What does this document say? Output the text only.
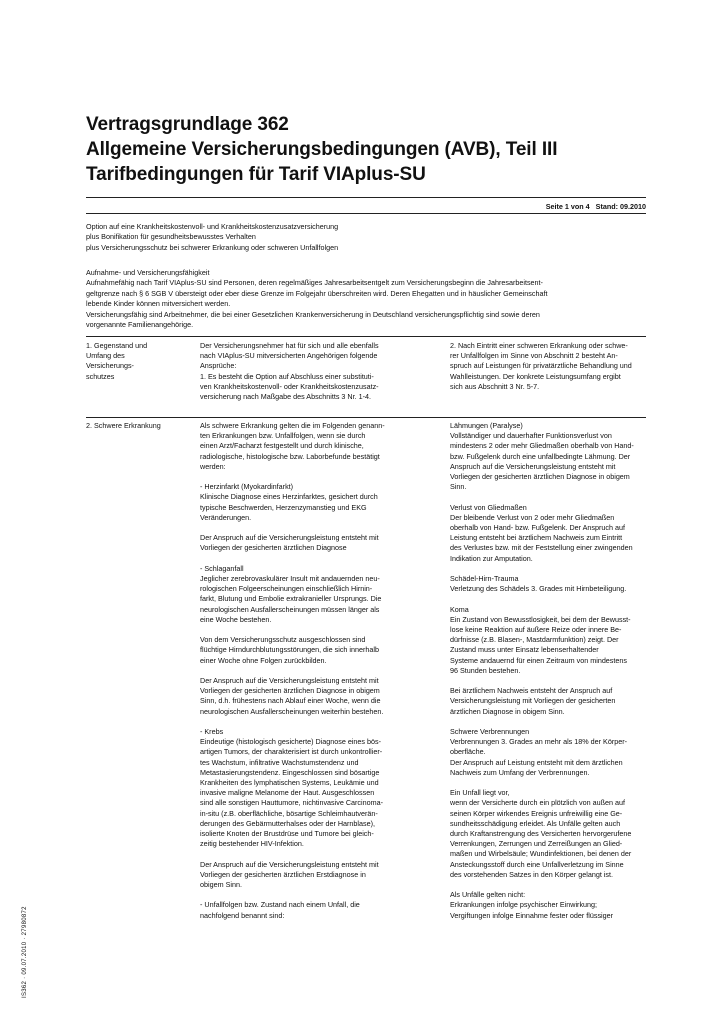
Vertragsgrundlage 362
Allgemeine Versicherungsbedingungen (AVB), Teil III
Tarifbedingungen für Tarif VIAplus-SU
Seite 1 von 4 Stand: 09.2010
Option auf eine Krankheitskostenvoll- und Krankheitskostenzusatzversicherung
plus Bonifikation für gesundheitsbewusstes Verhalten
plus Versicherungsschutz bei schwerer Erkrankung oder schweren Unfallfolgen
Aufnahme- und Versicherungsfähigkeit
Aufnahmefähig nach Tarif VIAplus-SU sind Personen, deren regelmäßiges Jahresarbeitsentgelt zum Versicherungsbeginn die Jahresarbeitsent-
geltgrenze nach § 6 SGB V übersteigt oder eber diese Grenze im Folgejahr überschreiten wird. Deren Ehegatten und in häuslicher Gemeinschaft
lebende Kinder können mitversichert werden.
Versicherungsfähig sind Arbeitnehmer, die bei einer Gesetzlichen Krankenversicherung in Deutschland versicherungspflichtig sind sowie deren
vorgenannte Familienangehörige.
1. Gegenstand und
Umfang des
Versicherungs-
schutzes
Der Versicherungsnehmer hat für sich und alle ebenfalls
nach VIAplus-SU mitversicherten Angehörigen folgende
Ansprüche:
1. Es besteht die Option auf Abschluss einer substituti-
ven Krankheitskostenvoll- oder Krankheitskostenzusatz-
versicherung nach Maßgabe des Abschnitts 3 Nr. 1-4.
2. Nach Eintritt einer schweren Erkrankung oder schwe-
rer Unfallfolgen im Sinne von Abschnitt 2 besteht An-
spruch auf Leistungen für privatärztliche Behandlung und
Wahlleistungen. Der konkrete Leistungsumfang ergibt
sich aus Abschnitt 3 Nr. 5-7.
2. Schwere Erkrankung	Als schwere Erkrankung gelten die im Folgenden genann-
ten Erkrankungen bzw. Unfallfolgen, wenn sie durch
einen Arzt/Facharzt festgestellt und durch klinische,
radiologische, histologische bzw. Laborbefunde bestätigt
werden:
- Herzinfarkt (Myokardinfarkt)
Klinische Diagnose eines Herzinfarktes, gesichert durch
typische Beschwerden, Herzenzymanstieg und EKG
Veränderungen.
Der Anspruch auf die Versicherungsleistung entsteht mit
Vorliegen der gesicherten ärztlichen Diagnose
- Schlaganfall
Jeglicher zerebrovaskulärer Insult mit andauernden neu-
rologischen Folgeerscheinungen einschließlich Hirnin-
farkt, Blutung und Embolie extrakranieller Ursprungs. Die
neurologischen Ausfallerscheinungen müssen länger als
eine Woche bestehen.
Von dem Versicherungsschutz ausgeschlossen sind
flüchtige Hirndurchblutungsstörungen, die sich innerhalb
einer Woche ohne Folgen zurückbilden.
Der Anspruch auf die Versicherungsleistung entsteht mit
Vorliegen der gesicherten ärztlichen Diagnose in obigem
Sinn, d.h. frühestens nach Ablauf einer Woche, wenn die
neurologischen Ausfallerscheinungen weiterhin bestehen.
- Krebs
Eindeutige (histologisch gesicherte) Diagnose eines bös-
artigen Tumors, der charakterisiert ist durch unkontrollier-
tes Wachstum, infiltrative Wachstumstendenz und
Metastasierungstendenz. Eingeschlossen sind bösartige
Krankheiten des lymphatischen Systems, Leukämie und
invasive maligne Melanome der Haut. Ausgeschlossen
sind alle sonstigen Hauttumore, nichtinvasive Carcinoma-
in-situ (z.B. oberflächliche, bösartige Schleimhautverän-
derungen des Gebärmutterhalses oder der Harnblase),
isolierte Knoten der Brustdrüse und Tumore bei gleich-
zeitig bestehender HIV-Infektion.
Der Anspruch auf die Versicherungsleistung entsteht mit
Vorliegen der gesicherten ärztlichen Erstdiagnose in
obigem Sinn.
- Unfallfolgen bzw. Zustand nach einem Unfall, die
nachfolgend benannt sind:
Lähmungen (Paralyse)
Vollständiger und dauerhafter Funktionsverlust von
mindestens 2 oder mehr Gliedmaßen oberhalb von Hand-
bzw. Fußgelenk durch eine unfallbedingte Lähmung. Der
Anspruch auf die Versicherungsleistung entsteht mit
Vorliegen der gesicherten ärztlichen Diagnose in obigem
Sinn.
Verlust von Gliedmaßen
Der bleibende Verlust von 2 oder mehr Gliedmaßen
oberhalb von Hand- bzw. Fußgelenk. Der Anspruch auf
Leistung entsteht bei ärztlichem Nachweis zum Eintritt
des Verlustes bzw. mit der Feststellung einer zwingenden
Indikation zur Amputation.
Schädel-Hirn-Trauma
Verletzung des Schädels 3. Grades mit Hirnbeteiligung.
Koma
Ein Zustand von Bewusstlosigkeit, bei dem der Bewusst-
lose keine Reaktion auf äußere Reize oder innere Be-
dürfnisse (z.B. Blasen-, Mastdarmfunktion) zeigt. Der
Zustand muss unter Einsatz lebenserhaltender
Systeme andauernd für einen Zeitraum von mindestens
96 Stunden bestehen.
Bei ärztlichem Nachweis entsteht der Anspruch auf
Versicherungsleistung mit Vorliegen der gesicherten
ärztlichen Diagnose in obigem Sinn.
Schwere Verbrennungen
Verbrennungen 3. Grades an mehr als 18% der Körper-
oberfläche.
Der Anspruch auf Leistung entsteht mit dem ärztlichen
Nachweis zum Umfang der Verbrennungen.
Ein Unfall liegt vor,
wenn der Versicherte durch ein plötzlich von außen auf
seinen Körper wirkendes Ereignis unfreiwillig eine Ge-
sundheitsschädigung erleidet. Als Unfälle gelten auch
durch Kraftanstrengung des Versicherten hervorgerufene
Verrenkungen, Zerrungen und Zerreißungen an Glied-
maßen und Wirbelsäule; Wundinfektionen, bei denen der
Ansteckungsstoff durch eine Unfallverletzung im Sinne
des vorstehenden Satzes in den Körper gelangt ist.
Als Unfälle gelten nicht:
Erkrankungen infolge psychischer Einwirkung;
Vergiftungen infolge Einnahme fester oder flüssiger
IS362 · 09.07.2010 · 27980872
